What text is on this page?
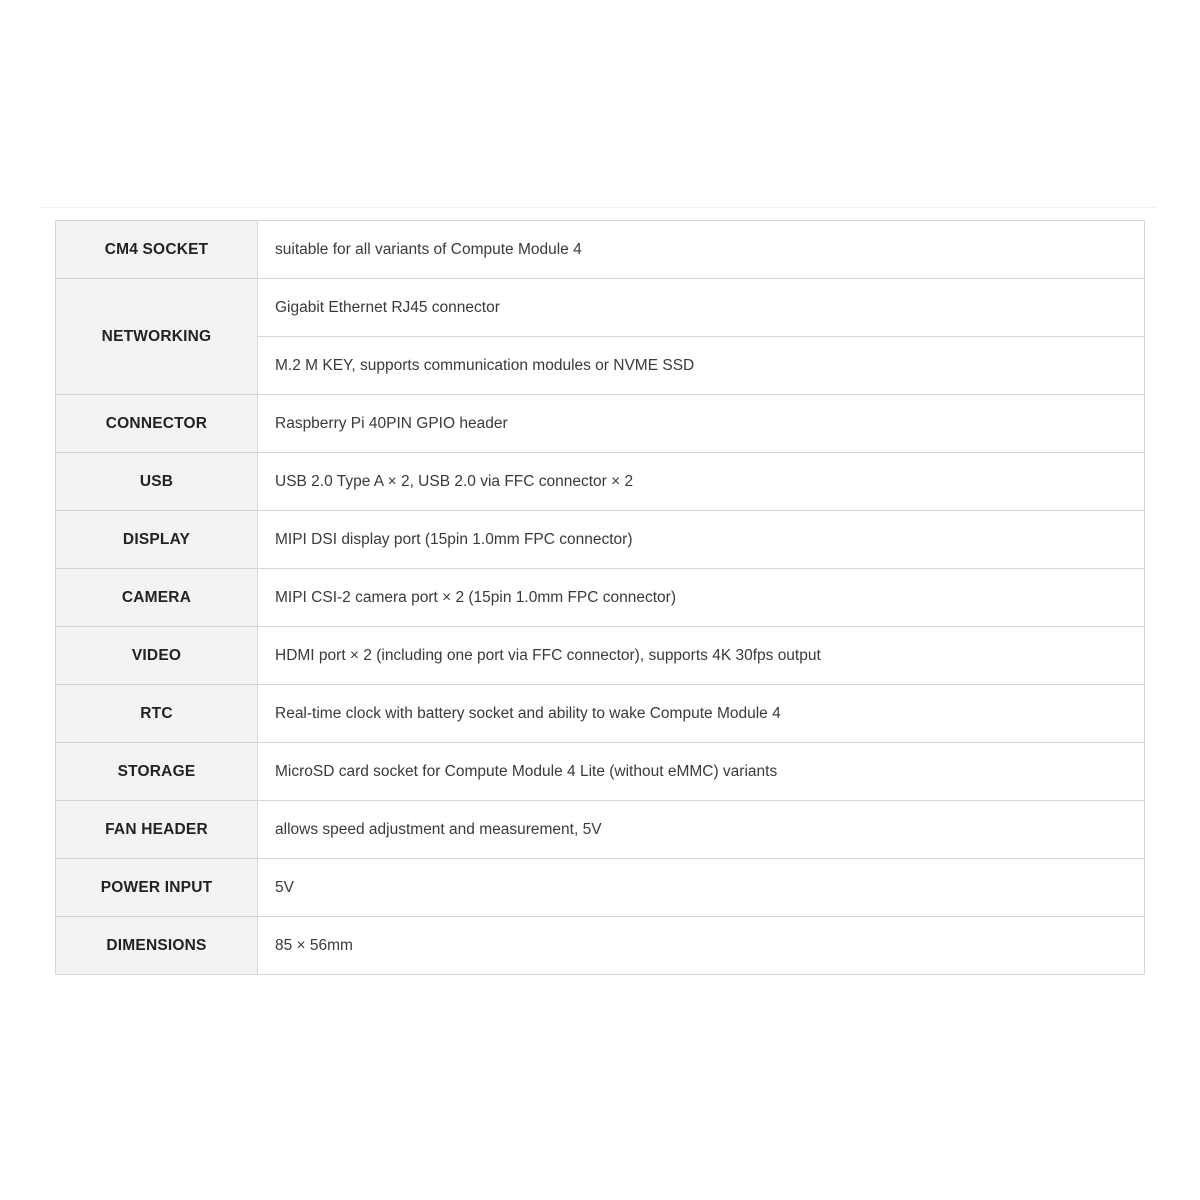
CM4 SOCKET	suitable for all variants of Compute Module 4
NETWORKING	Gigabit Ethernet RJ45 connector
	M.2 M KEY, supports communication modules or NVME SSD
CONNECTOR	Raspberry Pi 40PIN GPIO header
USB	USB 2.0 Type A × 2, USB 2.0 via FFC connector × 2
DISPLAY	MIPI DSI display port (15pin 1.0mm FPC connector)
CAMERA	MIPI CSI-2 camera port × 2 (15pin 1.0mm FPC connector)
VIDEO	HDMI port × 2 (including one port via FFC connector), supports 4K 30fps output
RTC	Real-time clock with battery socket and ability to wake Compute Module 4
STORAGE	MicroSD card socket for Compute Module 4 Lite (without eMMC) variants
FAN HEADER	allows speed adjustment and measurement, 5V
POWER INPUT	5V
DIMENSIONS	85 × 56mm
